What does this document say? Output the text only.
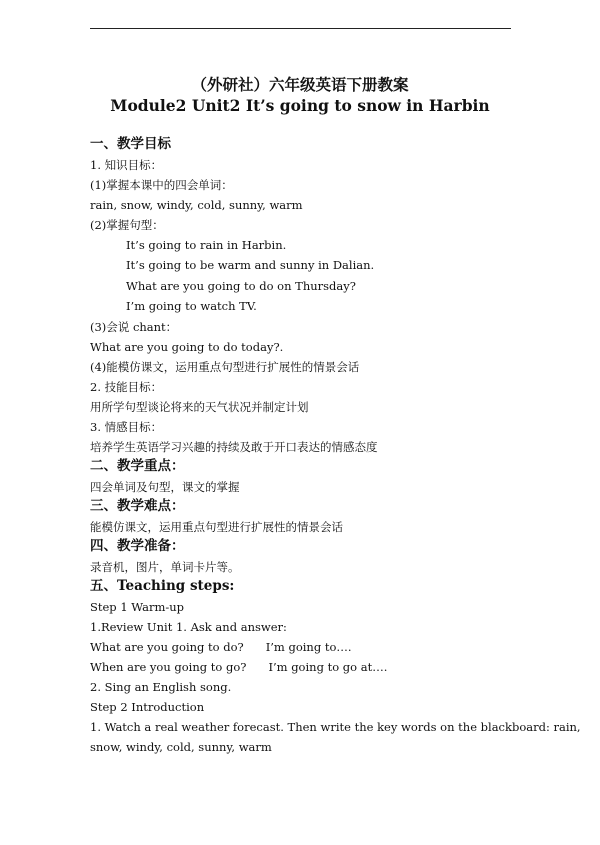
（外研社）六年级英语下册教案
Module2 Unit2 It’s going to snow in Harbin
一、教学目标
1. 知识目标：
(1)掌握本课中的四会单词：
rain, snow, windy, cold, sunny, warm
(2)掌握句型：
It’s going to rain in Harbin.
It’s going to be warm and sunny in Dalian.
What are you going to do on Thursday?
I’m going to watch TV.
(3)会说 chant：
What are you going to do today?.
(4)能模仿课文，运用重点句型进行扩展性的情景会话
2. 技能目标：
用所学句型谈论将来的天气状况并制定计划
3. 情感目标：
培养学生英语学习兴趣的持续及敢于开口表达的情感态度
二、教学重点：
四会单词及句型，课文的掌握
三、教学难点：
能模仿课文，运用重点句型进行扩展性的情景会话
四、教学准备：
录音机，图片，单词卡片等。
五、Teaching steps:
Step 1 Warm-up
1.Review Unit 1. Ask and answer:
What are you going to do? I’m going to….
When are you going to go? I’m going to go at….
2. Sing an English song.
Step 2 Introduction
1. Watch a real weather forecast. Then write the key words on the blackboard: rain,
snow, windy, cold, sunny, warm
